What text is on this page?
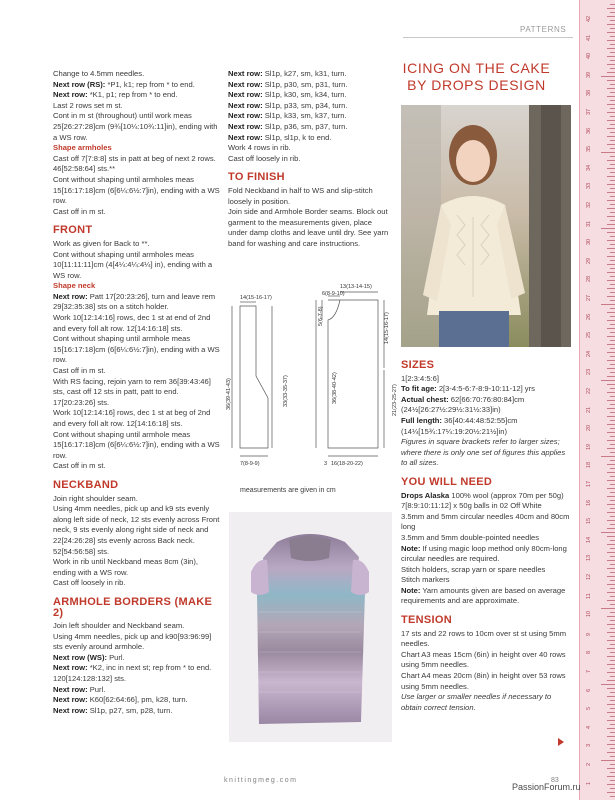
PATTERNS
42
41
40
39
38
37
36
35
34
33
32
31
30
29
28
27
26
25
24
23
22
21
20
19
18
17
16
15
14
13
12
11
10
9
8
7
6
5
4
3
2
1
ICING ON THE CAKE
BY DROPS DESIGN

Change to 4.5mm needles.

Next row (RS): *P1, k1; rep from * to end.

Next row: *K1, p1; rep from * to end.

Last 2 rows set m st.

Cont in m st (throughout) until work meas 25[26:27:28]cm (9¾[10¼:10¾:11]in), ending with a WS row.

Shape armholes

Cast off 7[7:8:8] sts in patt at beg of next 2 rows. 46[52:58:64] sts.**

Cont without shaping until armholes meas 15[16:17:18]cm (6[6¼:6½:7]in), ending with a WS row.

Cast off in m st.

FRONT

Work as given for Back to **.

Cont without shaping until armholes meas 10[11:11:11]cm (4[4¼:4¼:4¼] in), ending with a WS row.

Shape neck

Next row: Patt 17[20:23:26], turn and leave rem 29[32:35:38] sts on a stitch holder.

Work 10[12:14:16] rows, dec 1 st at end of 2nd and every foll alt row. 12[14:16:18] sts.

Cont without shaping until armhole meas 15[16:17:18]cm (6[6¼:6½:7]in), ending with a WS row.

Cast off in m st.

With RS facing, rejoin yarn to rem 36[39:43:46] sts, cast off 12 sts in patt, patt to end. 17[20:23:26] sts.

Work 10[12:14:16] rows, dec 1 st at beg of 2nd and every foll alt row. 12[14:16:18] sts.

Cont without shaping until armhole meas 15[16:17:18]cm (6[6¼:6½:7]in), ending with a WS row.

Cast off in m st.

NECKBAND

Join right shoulder seam.

Using 4mm needles, pick up and k9 sts evenly along left side of neck, 12 sts evenly across Front neck, 9 sts evenly along right side of neck and 22[24:26:28] sts evenly across Back neck. 52[54:56:58] sts.

Work in rib until Neckband meas 8cm (3in), ending with a WS row.

Cast off loosely in rib.

ARMHOLE BORDERS (MAKE 2)

Join left shoulder and Neckband seam.

Using 4mm needles, pick up and k90[93:96:99] sts evenly around armhole.

Next row (WS): Purl.

Next row: *K2, inc in next st; rep from * to end. 120[124:128:132] sts.

Next row: Purl.

Next row: K60[62:64:66], pm, k28, turn.

Next row: Sl1p, p27, sm, p28, turn.

Next row: Sl1p, k27, sm, k31, turn.

Next row: Sl1p, p30, sm, p31, turn.

Next row: Sl1p, k30, sm, k34, turn.

Next row: Sl1p, p33, sm, p34, turn.

Next row: Sl1p, k33, sm, k37, turn.

Next row: Sl1p, p36, sm, p37, turn.

Next row: Sl1p, sl1p, k to end.

Work 4 rows in rib.

Cast off loosely in rib.

TO FINISH

Fold Neckband in half to WS and slip-stitch loosely in position.

Join side and Armhole Border seams. Block out garment to the measurements given, place under damp cloths and leave until dry. See yarn band for washing and care instructions.

14(15-16-17)
36(39-41-43)	33(33-35-37)
7(8-9-9)
13(13-14-15)
6(8-9-10)
5(6-7-8)
36(38-40-42)
14(15-16-17)
21(23-25-27)
3 16(18-20-22)
measurements are given in cm
SIZES

1[2:3:4:5:6]

To fit age: 2[3-4:5-6:7-8:9-10:11-12] yrs

Actual chest: 62[66:70:76:80:84]cm (24½[26:27½:29½:31½:33]in)

Full length: 36[40:44:48:52:55]cm (14¼[15¾:17¼:19:20½:21½]in)

Figures in square brackets refer to larger sizes; where there is only one set of figures this applies to all sizes.

YOU WILL NEED

Drops Alaska 100% wool (approx 70m per 50g)

7[8:9:10:11:12] x 50g balls in 02 Off White

3.5mm and 5mm circular needles 40cm and 80cm long

3.5mm and 5mm double-pointed needles

Note: If using magic loop method only 80cm-long circular needles are required.

Stitch holders, scrap yarn or spare needles

Stitch markers

Note: Yarn amounts given are based on average requirements and are approximate.

TENSION

17 sts and 22 rows to 10cm over st st using 5mm needles.

Chart A3 meas 15cm (6in) in height over 40 rows using 5mm needles.

Chart A4 meas 20cm (8in) in height over 53 rows using 5mm needles.

Use larger or smaller needles if necessary to obtain correct tension.

knittingmeg.com	83
PassionForum.ru
